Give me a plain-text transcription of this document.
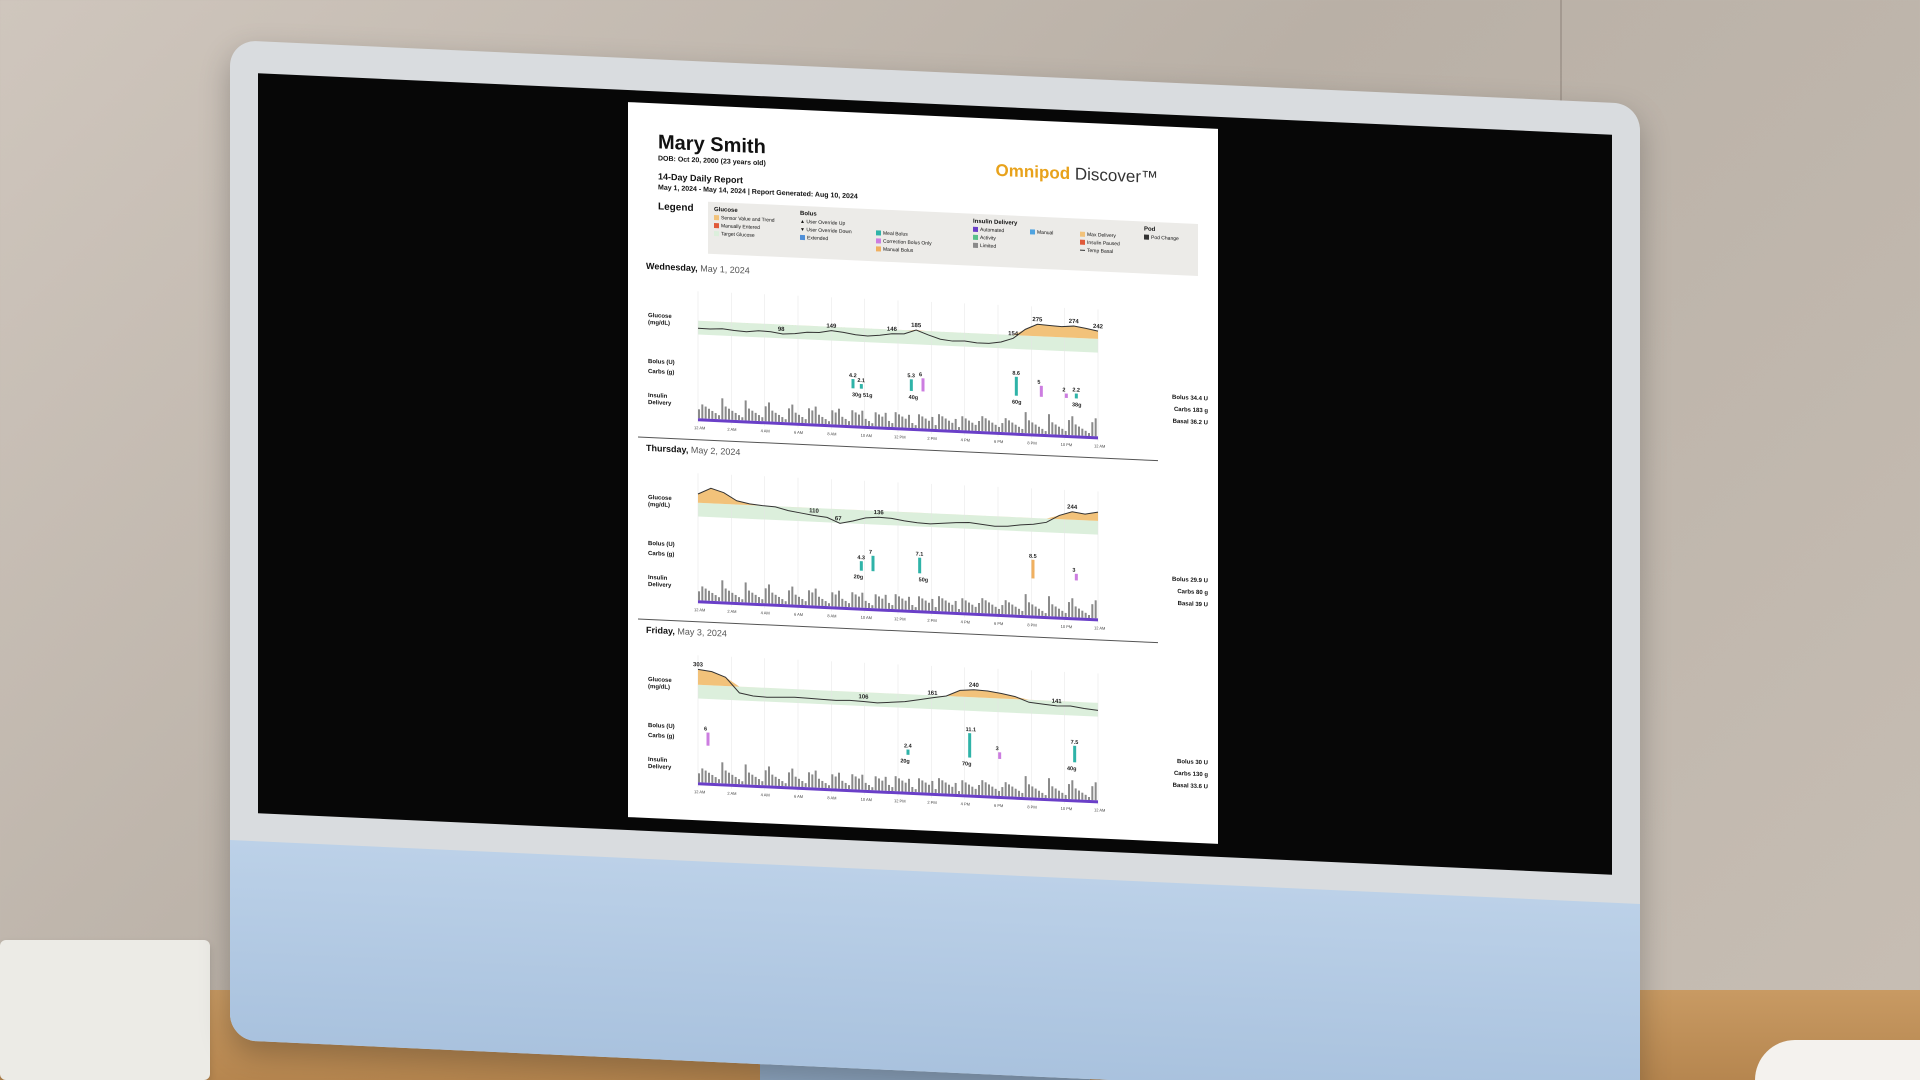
Mary Smith
DOB: Oct 20, 2000 (23 years old)
14-Day Daily Report
May 1, 2024 - May 14, 2024 | Report Generated: Aug 10, 2024
Omnipod Discover™
Legend	Glucose
Sensor Value and Trend
Manually Entered
Target Glucose
Bolus
▲ User Override Up
▼ User Override Down
Extended
Meal Bolus
Correction Bolus Only
Manual Bolus
Insulin Delivery
Automated
Activity
Limited
Manual	Max Delivery
Insulin Paused
Temp Basal
Pod
Pod Change
Wednesday, May 1, 2024
Glucose
(mg/dL)
Bolus (U)
Carbs (g)
Insulin
Delivery
98	149	146
185
154
275	274
242
4.2
2.1
5.3 6	8.6
5
2 2.2
30g 51g	40g
60g	38g
12 AM	2 AM	4 AM	6 AM	8 AM	10 AM	12 PM	2 PM	4 PM	6 PM	8 PM	10 PM	12 AM
Bolus 34.4 U
Carbs 183 g
Basal 36.2 U
Thursday, May 2, 2024
Glucose
(mg/dL)
Bolus (U)
Carbs (g)
Insulin
Delivery
110
67
136
244
4.3
7	7.1	8.5
3
20g	50g
12 AM	2 AM	4 AM	6 AM	8 AM	10 AM	12 PM	2 PM	4 PM	6 PM	8 PM	10 PM	12 AM
Bolus 29.9 U
Carbs 80 g
Basal 39 U
Friday, May 3, 2024
Glucose
(mg/dL)
Bolus (U)
Carbs (g)
Insulin
Delivery
303
106
161
240
141
6
2.4
11.1
3
7.5
20g	70g
40g
12 AM	2 AM	4 AM	6 AM	8 AM	10 AM	12 PM	2 PM	4 PM	6 PM	8 PM	10 PM	12 AM
Bolus 30 U
Carbs 130 g
Basal 33.6 U
